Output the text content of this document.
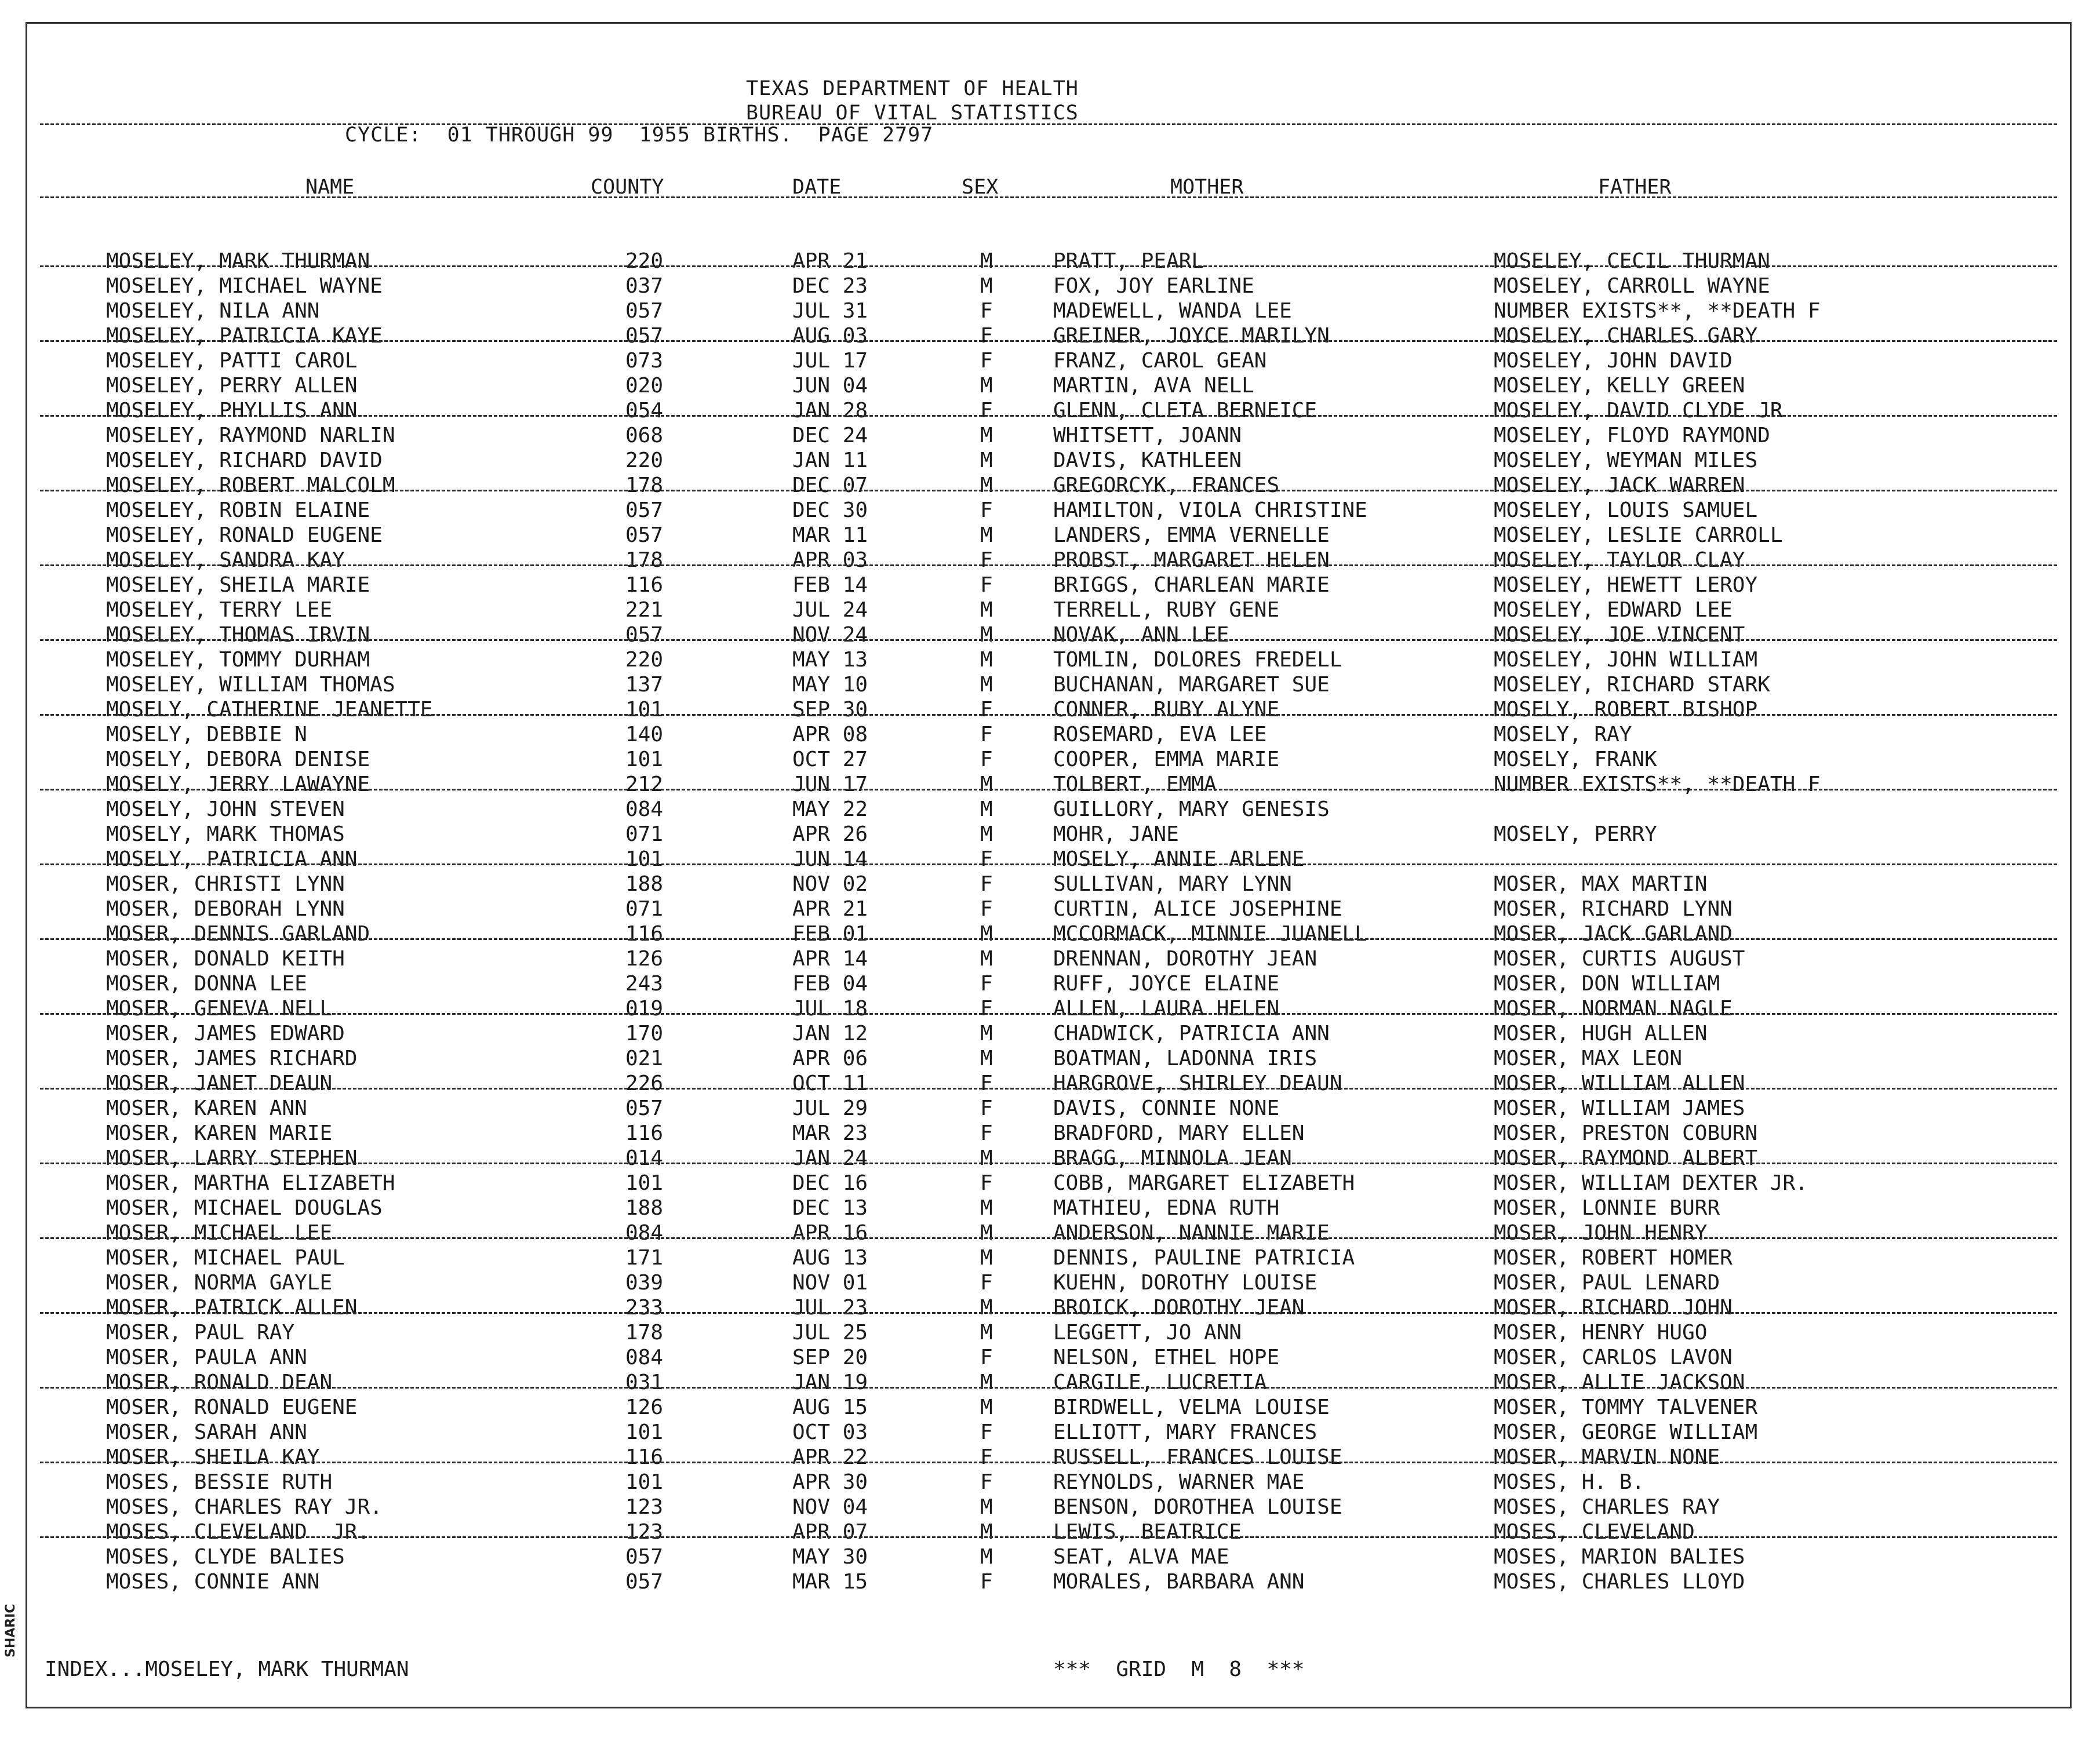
TEXAS DEPARTMENT OF HEALTH
BUREAU OF VITAL STATISTICS
CYCLE:  01 THROUGH 99  1955 BIRTHS.  PAGE 2797
NAME	COUNTY	DATE	SEX	MOTHER	FATHER
MOSELEY, MARK THURMAN	220	APR 21	M	PRATT, PEARL	MOSELEY, CECIL THURMAN
MOSELEY, MICHAEL WAYNE	037	DEC 23	M	FOX, JOY EARLINE	MOSELEY, CARROLL WAYNE
MOSELEY, NILA ANN	057	JUL 31	F	MADEWELL, WANDA LEE	NUMBER EXISTS**, **DEATH F
MOSELEY, PATRICIA KAYE	057	AUG 03	F	GREINER, JOYCE MARILYN	MOSELEY, CHARLES GARY
MOSELEY, PATTI CAROL	073	JUL 17	F	FRANZ, CAROL GEAN	MOSELEY, JOHN DAVID
MOSELEY, PERRY ALLEN	020	JUN 04	M	MARTIN, AVA NELL	MOSELEY, KELLY GREEN
MOSELEY, PHYLLIS ANN	054	JAN 28	F	GLENN, CLETA BERNEICE	MOSELEY, DAVID CLYDE JR
MOSELEY, RAYMOND NARLIN	068	DEC 24	M	WHITSETT, JOANN	MOSELEY, FLOYD RAYMOND
MOSELEY, RICHARD DAVID	220	JAN 11	M	DAVIS, KATHLEEN	MOSELEY, WEYMAN MILES
MOSELEY, ROBERT MALCOLM	178	DEC 07	M	GREGORCYK, FRANCES	MOSELEY, JACK WARREN
MOSELEY, ROBIN ELAINE	057	DEC 30	F	HAMILTON, VIOLA CHRISTINE	MOSELEY, LOUIS SAMUEL
MOSELEY, RONALD EUGENE	057	MAR 11	M	LANDERS, EMMA VERNELLE	MOSELEY, LESLIE CARROLL
MOSELEY, SANDRA KAY	178	APR 03	F	PROBST, MARGARET HELEN	MOSELEY, TAYLOR CLAY
MOSELEY, SHEILA MARIE	116	FEB 14	F	BRIGGS, CHARLEAN MARIE	MOSELEY, HEWETT LEROY
MOSELEY, TERRY LEE	221	JUL 24	M	TERRELL, RUBY GENE	MOSELEY, EDWARD LEE
MOSELEY, THOMAS IRVIN	057	NOV 24	M	NOVAK, ANN LEE	MOSELEY, JOE VINCENT
MOSELEY, TOMMY DURHAM	220	MAY 13	M	TOMLIN, DOLORES FREDELL	MOSELEY, JOHN WILLIAM
MOSELEY, WILLIAM THOMAS	137	MAY 10	M	BUCHANAN, MARGARET SUE	MOSELEY, RICHARD STARK
MOSELY, CATHERINE JEANETTE	101	SEP 30	F	CONNER, RUBY ALYNE	MOSELY, ROBERT BISHOP
MOSELY, DEBBIE N	140	APR 08	F	ROSEMARD, EVA LEE	MOSELY, RAY
MOSELY, DEBORA DENISE	101	OCT 27	F	COOPER, EMMA MARIE	MOSELY, FRANK
MOSELY, JERRY LAWAYNE	212	JUN 17	M	TOLBERT, EMMA	NUMBER EXISTS**, **DEATH F
MOSELY, JOHN STEVEN	084	MAY 22	M	GUILLORY, MARY GENESIS
MOSELY, MARK THOMAS	071	APR 26	M	MOHR, JANE	MOSELY, PERRY
MOSELY, PATRICIA ANN	101	JUN 14	F	MOSELY, ANNIE ARLENE
MOSER, CHRISTI LYNN	188	NOV 02	F	SULLIVAN, MARY LYNN	MOSER, MAX MARTIN
MOSER, DEBORAH LYNN	071	APR 21	F	CURTIN, ALICE JOSEPHINE	MOSER, RICHARD LYNN
MOSER, DENNIS GARLAND	116	FEB 01	M	MCCORMACK, MINNIE JUANELL	MOSER, JACK GARLAND
MOSER, DONALD KEITH	126	APR 14	M	DRENNAN, DOROTHY JEAN	MOSER, CURTIS AUGUST
MOSER, DONNA LEE	243	FEB 04	F	RUFF, JOYCE ELAINE	MOSER, DON WILLIAM
MOSER, GENEVA NELL	019	JUL 18	F	ALLEN, LAURA HELEN	MOSER, NORMAN NAGLE
MOSER, JAMES EDWARD	170	JAN 12	M	CHADWICK, PATRICIA ANN	MOSER, HUGH ALLEN
MOSER, JAMES RICHARD	021	APR 06	M	BOATMAN, LADONNA IRIS	MOSER, MAX LEON
MOSER, JANET DEAUN	226	OCT 11	F	HARGROVE, SHIRLEY DEAUN	MOSER, WILLIAM ALLEN
MOSER, KAREN ANN	057	JUL 29	F	DAVIS, CONNIE NONE	MOSER, WILLIAM JAMES
MOSER, KAREN MARIE	116	MAR 23	F	BRADFORD, MARY ELLEN	MOSER, PRESTON COBURN
MOSER, LARRY STEPHEN	014	JAN 24	M	BRAGG, MINNOLA JEAN	MOSER, RAYMOND ALBERT
MOSER, MARTHA ELIZABETH	101	DEC 16	F	COBB, MARGARET ELIZABETH	MOSER, WILLIAM DEXTER JR.
MOSER, MICHAEL DOUGLAS	188	DEC 13	M	MATHIEU, EDNA RUTH	MOSER, LONNIE BURR
MOSER, MICHAEL LEE	084	APR 16	M	ANDERSON, NANNIE MARIE	MOSER, JOHN HENRY
MOSER, MICHAEL PAUL	171	AUG 13	M	DENNIS, PAULINE PATRICIA	MOSER, ROBERT HOMER
MOSER, NORMA GAYLE	039	NOV 01	F	KUEHN, DOROTHY LOUISE	MOSER, PAUL LENARD
MOSER, PATRICK ALLEN	233	JUL 23	M	BROICK, DOROTHY JEAN	MOSER, RICHARD JOHN
MOSER, PAUL RAY	178	JUL 25	M	LEGGETT, JO ANN	MOSER, HENRY HUGO
MOSER, PAULA ANN	084	SEP 20	F	NELSON, ETHEL HOPE	MOSER, CARLOS LAVON
MOSER, RONALD DEAN	031	JAN 19	M	CARGILE, LUCRETIA	MOSER, ALLIE JACKSON
MOSER, RONALD EUGENE	126	AUG 15	M	BIRDWELL, VELMA LOUISE	MOSER, TOMMY TALVENER
MOSER, SARAH ANN	101	OCT 03	F	ELLIOTT, MARY FRANCES	MOSER, GEORGE WILLIAM
MOSER, SHEILA KAY	116	APR 22	F	RUSSELL, FRANCES LOUISE	MOSER, MARVIN NONE
MOSES, BESSIE RUTH	101	APR 30	F	REYNOLDS, WARNER MAE	MOSES, H. B.
MOSES, CHARLES RAY JR.	123	NOV 04	M	BENSON, DOROTHEA LOUISE	MOSES, CHARLES RAY
MOSES, CLEVELAND  JR.	123	APR 07	M	LEWIS, BEATRICE	MOSES, CLEVELAND
MOSES, CLYDE BALIES	057	MAY 30	M	SEAT, ALVA MAE	MOSES, MARION BALIES
MOSES, CONNIE ANN	057	MAR 15	F	MORALES, BARBARA ANN	MOSES, CHARLES LLOYD
INDEX...MOSELEY, MARK THURMAN	***  GRID  M  8  ***
SHARIC
